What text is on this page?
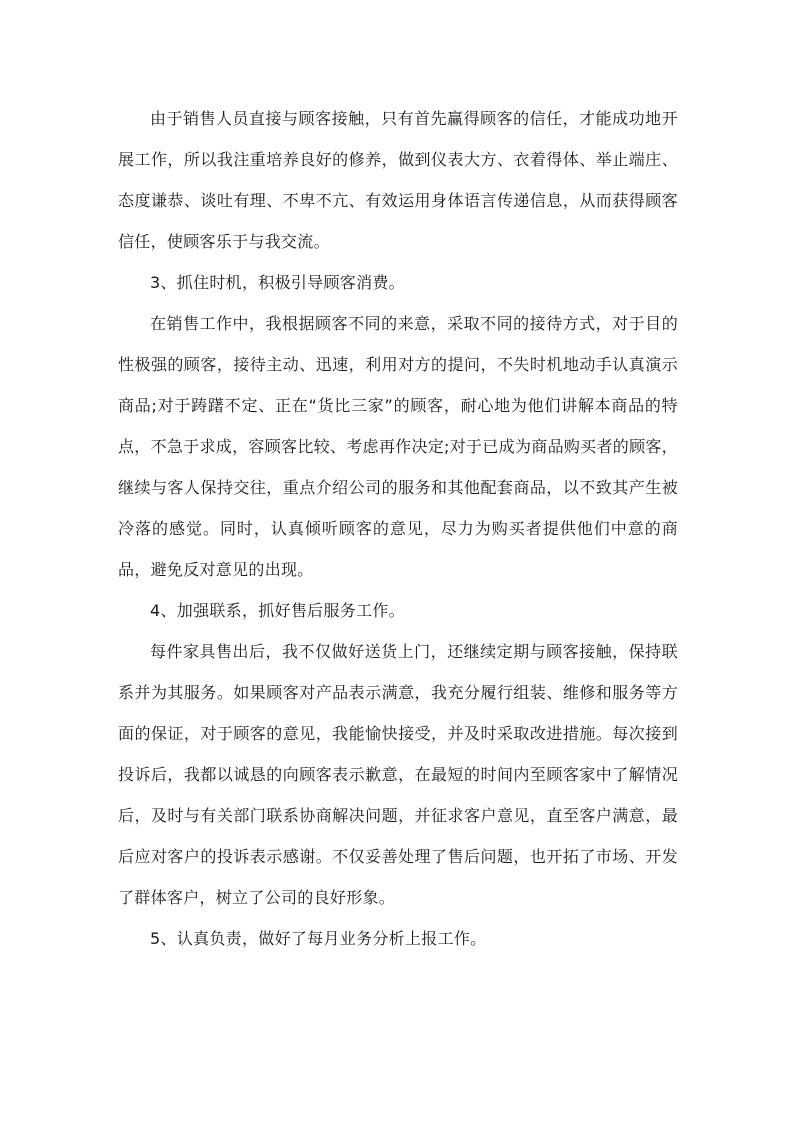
由于销售人员直接与顾客接触，只有首先赢得顾客的信任，才能成功地开展工作，所以我注重培养良好的修养，做到仪表大方、衣着得体、举止端庄、态度谦恭、谈吐有理、不卑不亢、有效运用身体语言传递信息，从而获得顾客信任，使顾客乐于与我交流。

3、抓住时机，积极引导顾客消费。

在销售工作中，我根据顾客不同的来意，采取不同的接待方式，对于目的性极强的顾客，接待主动、迅速，利用对方的提问，不失时机地动手认真演示商品;对于踌躇不定、正在“货比三家”的顾客，耐心地为他们讲解本商品的特点，不急于求成，容顾客比较、考虑再作决定;对于已成为商品购买者的顾客，继续与客人保持交往，重点介绍公司的服务和其他配套商品，以不致其产生被冷落的感觉。同时，认真倾听顾客的意见，尽力为购买者提供他们中意的商品，避免反对意见的出现。

4、加强联系，抓好售后服务工作。

每件家具售出后，我不仅做好送货上门，还继续定期与顾客接触，保持联系并为其服务。如果顾客对产品表示满意，我充分履行组装、维修和服务等方面的保证，对于顾客的意见，我能愉快接受，并及时采取改进措施。每次接到投诉后，我都以诚恳的向顾客表示歉意，在最短的时间内至顾客家中了解情况后，及时与有关部门联系协商解决问题，并征求客户意见，直至客户满意，最后应对客户的投诉表示感谢。不仅妥善处理了售后问题，也开拓了市场、开发了群体客户，树立了公司的良好形象。

5、认真负责，做好了每月业务分析上报工作。
